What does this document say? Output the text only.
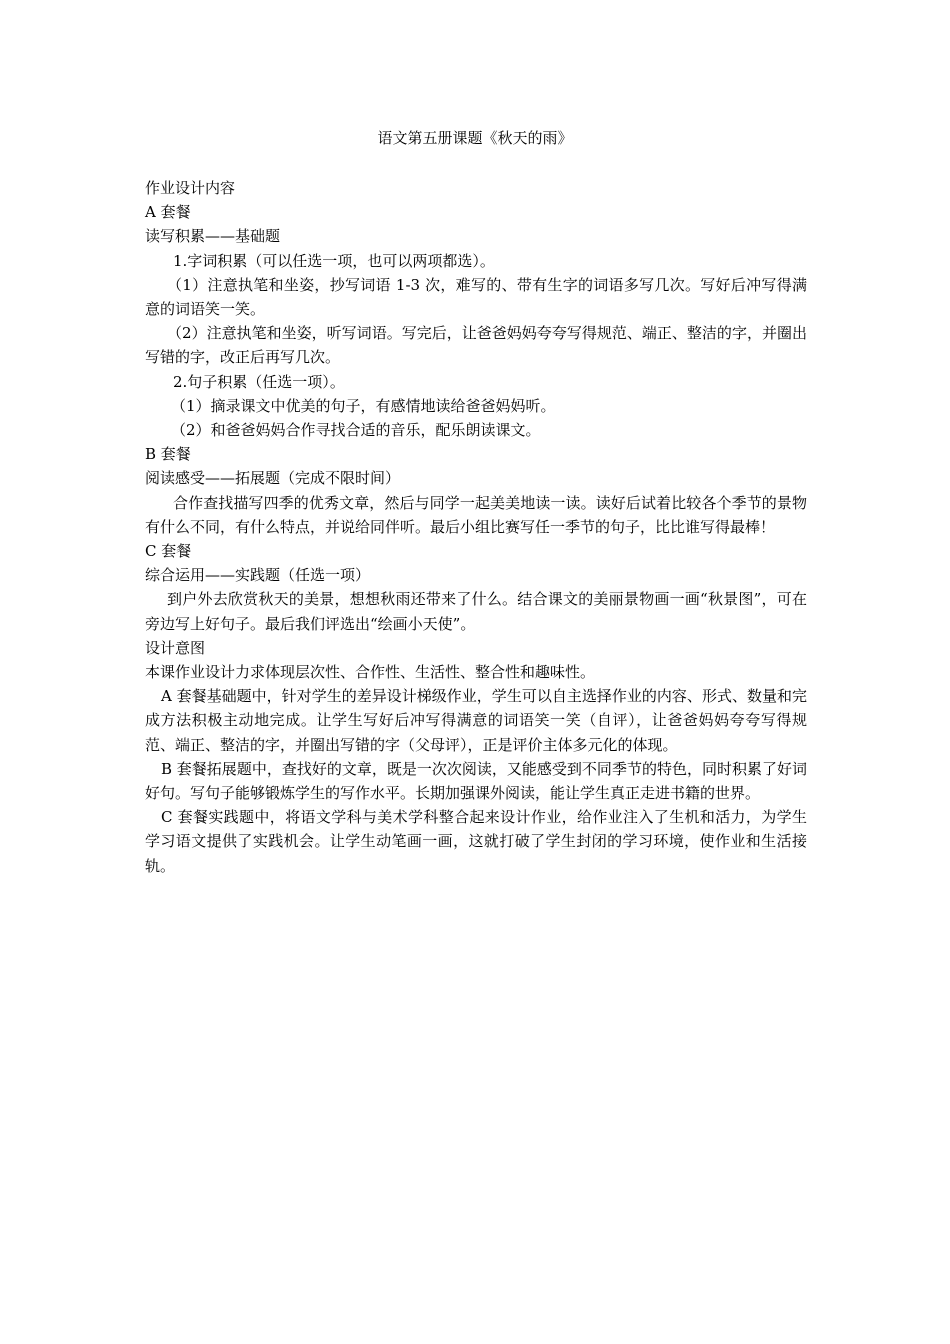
语文第五册课题《秋天的雨》

作业设计内容

A 套餐

读写积累——基础题

1.字词积累（可以任选一项，也可以两项都选）。

（1）注意执笔和坐姿，抄写词语 1-3 次，难写的、带有生字的词语多写几次。写好后冲写得满意的词语笑一笑。

（2）注意执笔和坐姿，听写词语。写完后，让爸爸妈妈夸夸写得规范、端正、整洁的字，并圈出写错的字，改正后再写几次。

2.句子积累（任选一项）。

（1）摘录课文中优美的句子，有感情地读给爸爸妈妈听。

（2）和爸爸妈妈合作寻找合适的音乐，配乐朗读课文。

B 套餐

阅读感受——拓展题（完成不限时间）

合作查找描写四季的优秀文章，然后与同学一起美美地读一读。读好后试着比较各个季节的景物有什么不同，有什么特点，并说给同伴听。最后小组比赛写任一季节的句子，比比谁写得最棒！

C 套餐

综合运用——实践题（任选一项）

到户外去欣赏秋天的美景，想想秋雨还带来了什么。结合课文的美丽景物画一画“秋景图”，可在旁边写上好句子。最后我们评选出“绘画小天使”。

设计意图

本课作业设计力求体现层次性、合作性、生活性、整合性和趣味性。

A 套餐基础题中，针对学生的差异设计梯级作业，学生可以自主选择作业的内容、形式、数量和完成方法积极主动地完成。让学生写好后冲写得满意的词语笑一笑（自评），让爸爸妈妈夸夸写得规范、端正、整洁的字，并圈出写错的字（父母评），正是评价主体多元化的体现。

B 套餐拓展题中，查找好的文章，既是一次次阅读，又能感受到不同季节的特色，同时积累了好词好句。写句子能够锻炼学生的写作水平。长期加强课外阅读，能让学生真正走进书籍的世界。

C 套餐实践题中，将语文学科与美术学科整合起来设计作业，给作业注入了生机和活力，为学生学习语文提供了实践机会。让学生动笔画一画，这就打破了学生封闭的学习环境，使作业和生活接轨。
